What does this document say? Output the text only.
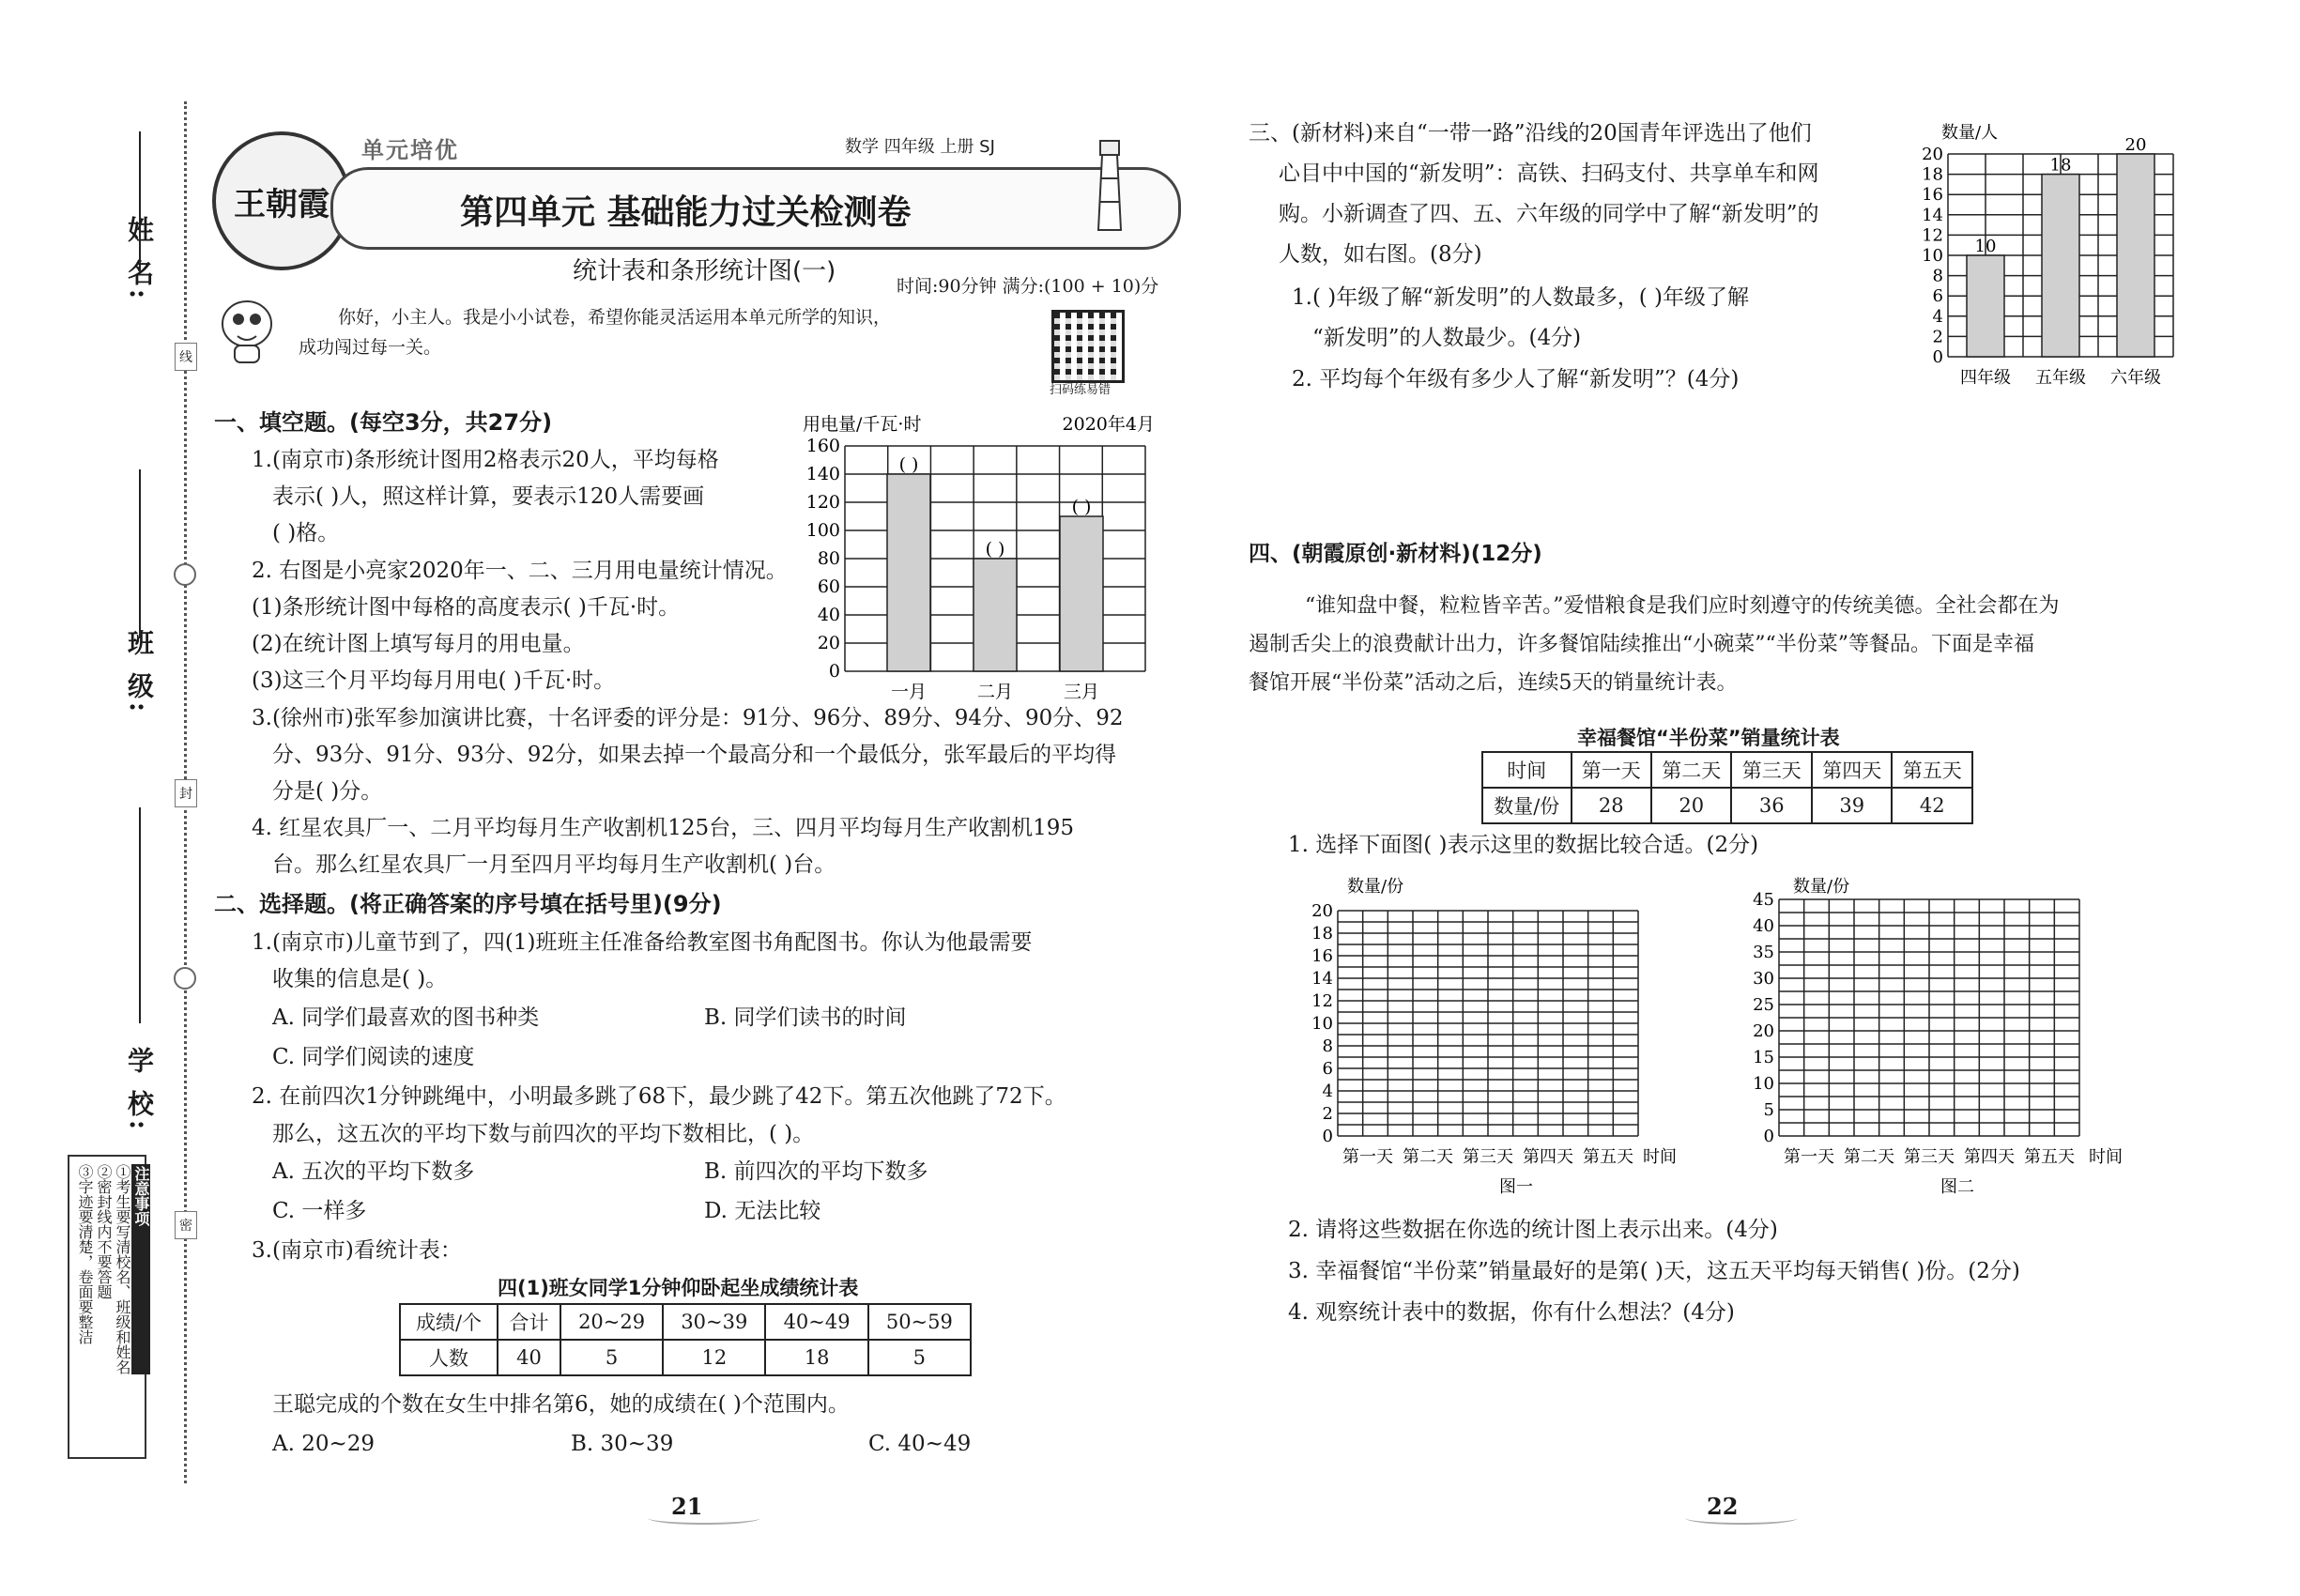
姓 名:
班 级:
学 校:
线
封
密
注意事项
①考生要写清校名、班级和姓名
②密封线内不要答题
③字迹要清楚，卷面要整洁
王朝霞
单元培优	数学 四年级 上册 SJ
第四单元 基础能力过关检测卷
统计表和条形统计图(一)
时间:90分钟 满分:(100 + 10)分
你好，小主人。我是小小试卷，希望你能灵活运用本单元所学的知识，
成功闯过每一关。
扫码练易错
一、填空题。(每空3分，共27分)
1.(南京市)条形统计图用2格表示20人，平均每格
表示( )人，照这样计算，要表示120人需要画
( )格。
2. 右图是小亮家2020年一、二、三月用电量统计情况。
(1)条形统计图中每格的高度表示( )千瓦·时。
(2)在统计图上填写每月的用电量。
(3)这三个月平均每月用电( )千瓦·时。
3.(徐州市)张军参加演讲比赛，十名评委的评分是：91分、96分、89分、94分、90分、92
分、93分、91分、93分、92分，如果去掉一个最高分和一个最低分，张军最后的平均得
分是( )分。
4. 红星农具厂一、二月平均每月生产收割机125台，三、四月平均每月生产收割机195
台。那么红星农具厂一月至四月平均每月生产收割机( )台。
二、选择题。(将正确答案的序号填在括号里)(9分)
1.(南京市)儿童节到了，四(1)班班主任准备给教室图书角配图书。你认为他最需要
收集的信息是( )。
A. 同学们最喜欢的图书种类	B. 同学们读书的时间
C. 同学们阅读的速度
2. 在前四次1分钟跳绳中，小明最多跳了68下，最少跳了42下。第五次他跳了72下。
那么，这五次的平均下数与前四次的平均下数相比，( )。
A. 五次的平均下数多	B. 前四次的平均下数多
C. 一样多	D. 无法比较
3.(南京市)看统计表：
四(1)班女同学1分钟仰卧起坐成绩统计表
成绩/个	合计	20~29	30~39	40~49	50~59
人数	40	5	12	18	5
王聪完成的个数在女生中排名第6，她的成绩在( )个范围内。
A. 20~29	B. 30~39	C. 40~49
21
0
20
40
60
80
100
120
140
160
用电量/千瓦·时	2020年4月
一月
( )
二月
( )
三月
( )
三、(新材料)来自“一带一路”沿线的20国青年评选出了他们
心目中中国的“新发明”：高铁、扫码支付、共享单车和网
购。小新调查了四、五、六年级的同学中了解“新发明”的
人数，如右图。(8分)
1.( )年级了解“新发明”的人数最多，( )年级了解
“新发明”的人数最少。(4分)
2. 平均每个年级有多少人了解“新发明”？(4分)
0
2
4
6
8
10
12
14
16
18
20
数量/人
四年级
10
五年级
18
六年级
20
四、(朝霞原创·新材料)(12分)
“谁知盘中餐，粒粒皆辛苦。”爱惜粮食是我们应时刻遵守的传统美德。全社会都在为
遏制舌尖上的浪费献计出力，许多餐馆陆续推出“小碗菜”“半份菜”等餐品。下面是幸福
餐馆开展“半份菜”活动之后，连续5天的销量统计表。
幸福餐馆“半份菜”销量统计表
时间	第一天	第二天	第三天	第四天	第五天
数量/份	28	20	36	39	42
1. 选择下面图( )表示这里的数据比较合适。(2分)
0
2
4
6
8
10
12
14
16
18
20
数量/份
图一
时间
第一天 第二天 第三天 第四天 第五天
0
5
10
15
20
25
30
35
40
45
数量/份
图二
时间
第一天 第二天 第三天 第四天 第五天
2. 请将这些数据在你选的统计图上表示出来。(4分)
3. 幸福餐馆“半份菜”销量最好的是第( )天，这五天平均每天销售( )份。(2分)
4. 观察统计表中的数据，你有什么想法？(4分)
22
